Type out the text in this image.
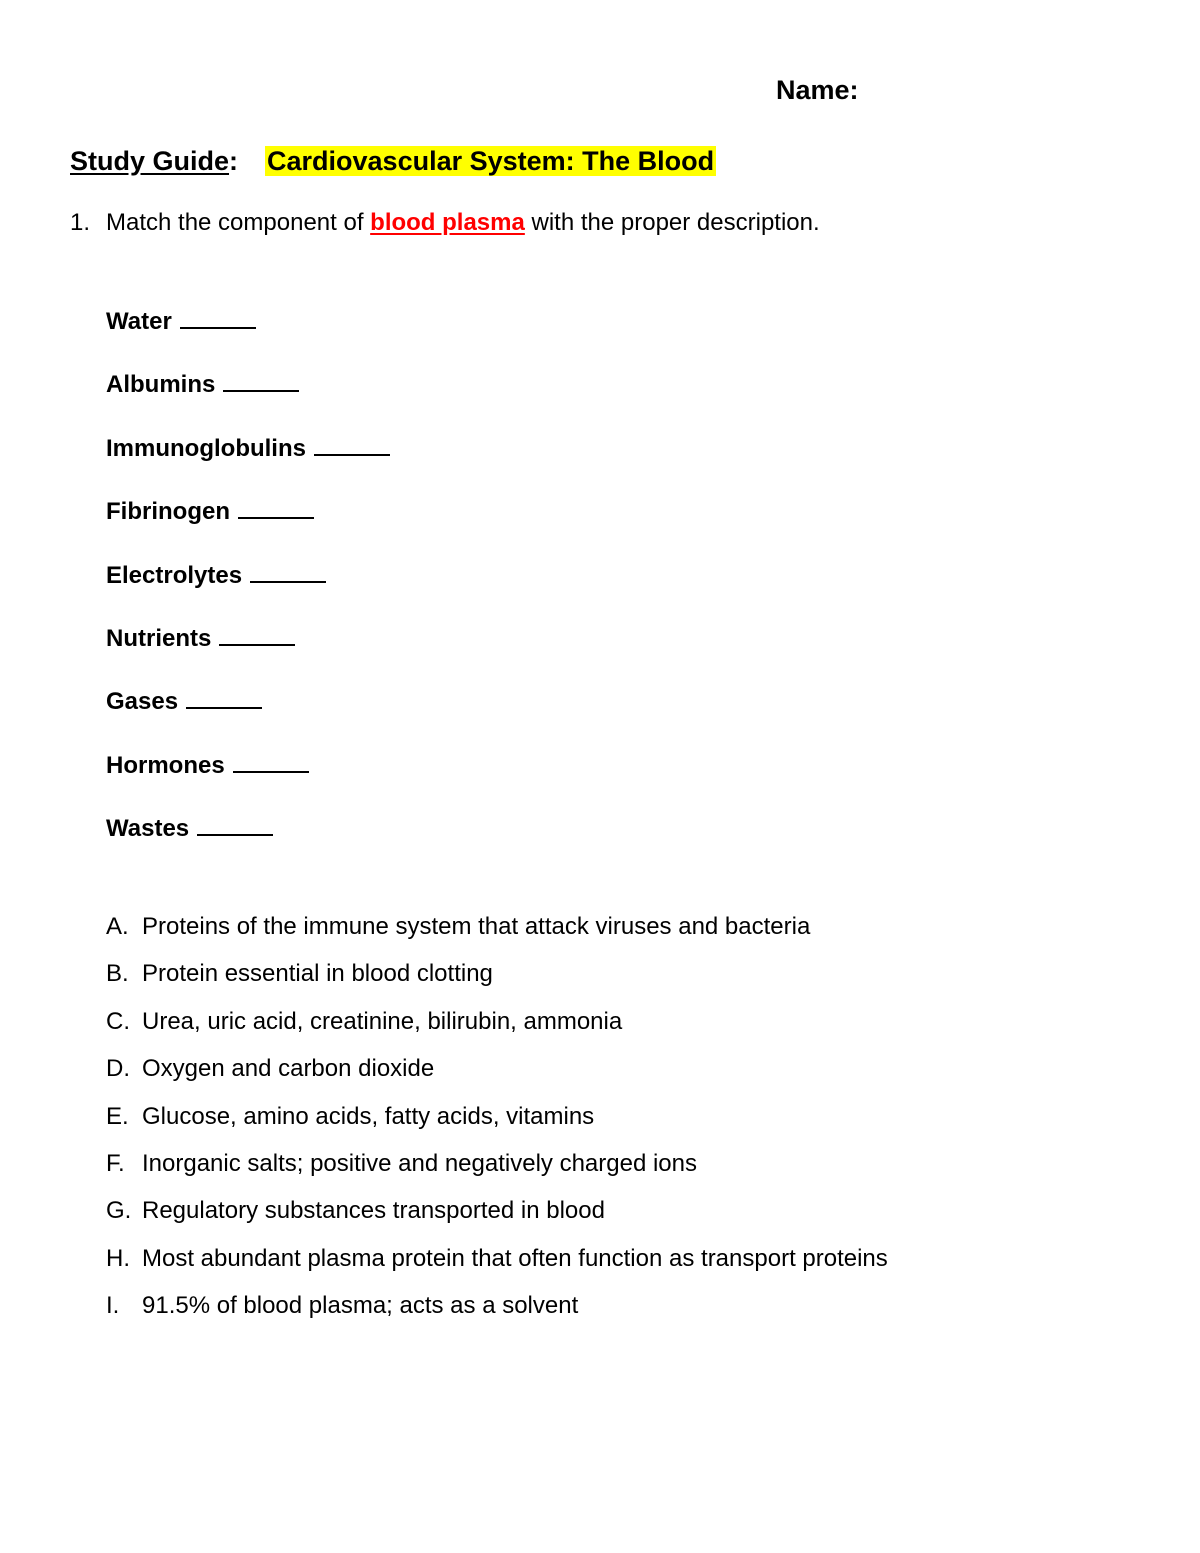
Name:
Study Guide: Cardiovascular System: The Blood
1. Match the component of blood plasma with the proper description.
Water
Albumins
Immunoglobulins
Fibrinogen
Electrolytes
Nutrients
Gases
Hormones
Wastes
A. Proteins of the immune system that attack viruses and bacteria
B. Protein essential in blood clotting
C. Urea, uric acid, creatinine, bilirubin, ammonia
D. Oxygen and carbon dioxide
E. Glucose, amino acids, fatty acids, vitamins
F. Inorganic salts; positive and negatively charged ions
G. Regulatory substances transported in blood
H. Most abundant plasma protein that often function as transport proteins
I. 91.5% of blood plasma; acts as a solvent
